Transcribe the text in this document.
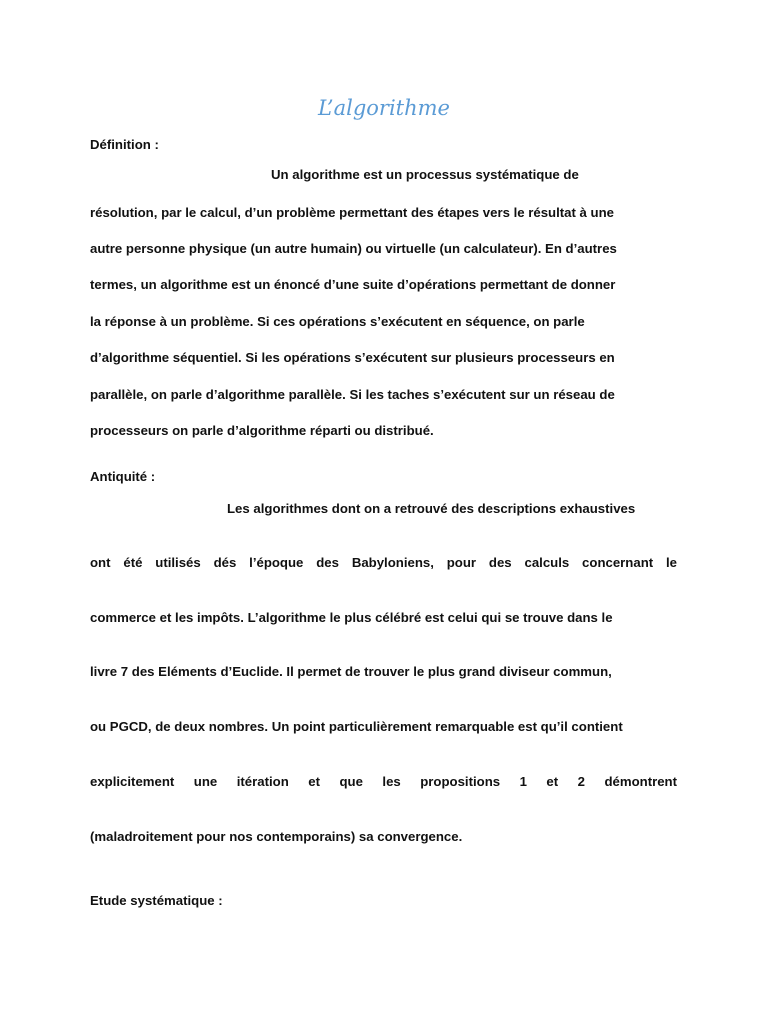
L’algorithme
Définition :
Un algorithme est un processus systématique de
résolution, par le calcul, d’un problème permettant des étapes vers le résultat à une
autre personne physique (un autre humain) ou virtuelle (un calculateur). En d’autres
termes, un algorithme est un énoncé d’une suite d’opérations permettant de donner
la réponse à un problème. Si ces opérations s’exécutent en séquence, on parle
d’algorithme séquentiel. Si les opérations s’exécutent sur plusieurs processeurs en
parallèle, on parle d’algorithme parallèle. Si les taches s’exécutent sur un réseau de
processeurs on parle d’algorithme réparti ou distribué.
Antiquité :
Les algorithmes dont on a retrouvé des descriptions exhaustives
ont été utilisés dés l’époque des Babyloniens, pour des calculs concernant le
commerce et les impôts. L’algorithme le plus célébré est celui qui se trouve dans le
livre 7 des Eléments d’Euclide. Il permet de trouver le plus grand diviseur commun,
ou PGCD, de deux nombres. Un point particulièrement remarquable est qu’il contient
explicitement une itération et que les propositions 1 et 2 démontrent
(maladroitement pour nos contemporains) sa convergence.
Etude systématique :
